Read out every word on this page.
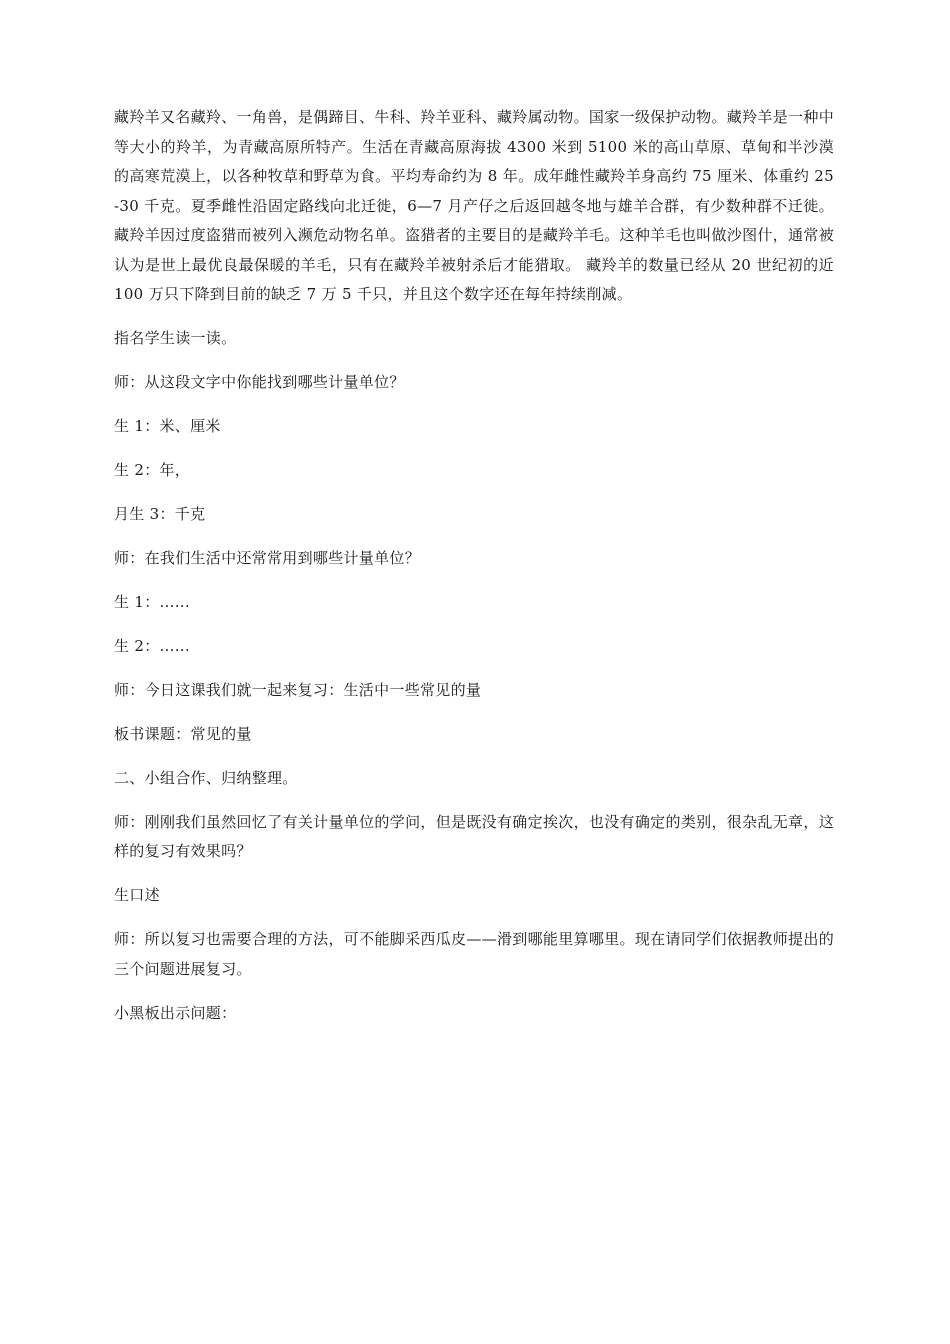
藏羚羊又名藏羚、一角兽，是偶蹄目、牛科、羚羊亚科、藏羚属动物。国家一级保护动物。藏羚羊是一种中等大小的羚羊，为青藏高原所特产。生活在青藏高原海拔 4300 米到 5100 米的高山草原、草甸和半沙漠的高寒荒漠上，以各种牧草和野草为食。平均寿命约为 8 年。成年雌性藏羚羊身高约 75 厘米、体重约 25-30 千克。夏季雌性沿固定路线向北迁徙，6—7 月产仔之后返回越冬地与雄羊合群，有少数种群不迁徙。藏羚羊因过度盗猎而被列入濒危动物名单。盗猎者的主要目的是藏羚羊毛。这种羊毛也叫做沙图什，通常被认为是世上最优良最保暖的羊毛，只有在藏羚羊被射杀后才能猎取。 藏羚羊的数量已经从 20 世纪初的近 100 万只下降到目前的缺乏 7 万 5 千只，并且这个数字还在每年持续削减。

指名学生读一读。

师：从这段文字中你能找到哪些计量单位？

生 1：米、厘米

生 2：年，

月生 3：千克

师：在我们生活中还常常用到哪些计量单位？

生 1：......

生 2：......

师：今日这课我们就一起来复习：生活中一些常见的量

板书课题：常见的量

二、小组合作、归纳整理。

师：刚刚我们虽然回忆了有关计量单位的学问，但是既没有确定挨次，也没有确定的类别，很杂乱无章，这样的复习有效果吗？

生口述

师：所以复习也需要合理的方法，可不能脚采西瓜皮——滑到哪能里算哪里。现在请同学们依据教师提出的三个问题进展复习。

小黑板出示问题：
